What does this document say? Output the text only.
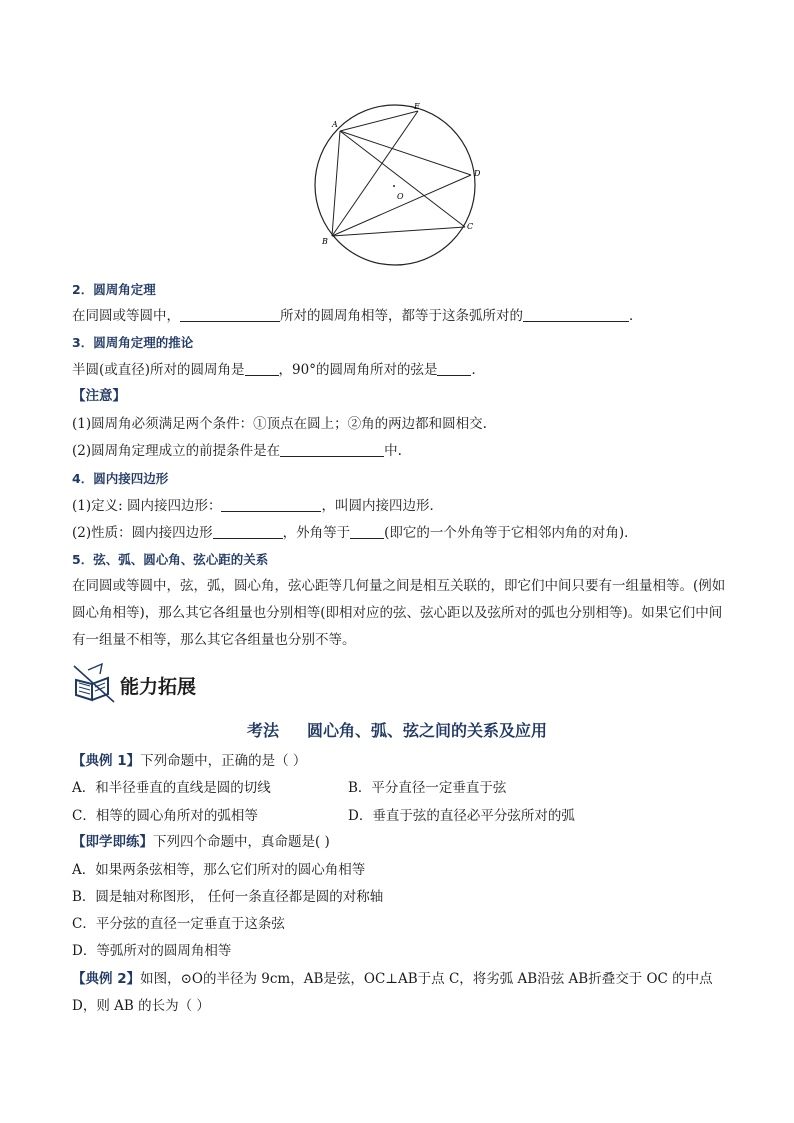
A
E
D
O
C
B
2．圆周角定理
在同圆或等圆中，	所对的圆周角相等，都等于这条弧所对的	．
3．圆周角定理的推论
半圆(或直径)所对的圆周角是	，90°的圆周角所对的弦是	．
【注意】
(1)圆周角必须满足两个条件：①顶点在圆上；②角的两边都和圆相交.
(2)圆周角定理成立的前提条件是在	中.
4．圆内接四边形
(1)定义: 圆内接四边形：	，叫圆内接四边形．
(2)性质：圆内接四边形	，外角等于	(即它的一个外角等于它相邻内角的对角)．
5．弦、弧、圆心角、弦心距的关系
在同圆或等圆中，弦，弧，圆心角，弦心距等几何量之间是相互关联的，即它们中间只要有一组量相等。(例如圆心角相等)，那么其它各组量也分别相等(即相对应的弦、弦心距以及弦所对的弧也分别相等)。如果它们中间有一组量不相等，那么其它各组量也分别不等。
能力拓展
考法 圆心角、弧、弦之间的关系及应用
【典例 1】下列命题中，正确的是（ ）
A．和半径垂直的直线是圆的切线	B．平分直径一定垂直于弦
C．相等的圆心角所对的弧相等	D．垂直于弦的直径必平分弦所对的弧
【即学即练】下列四个命题中，真命题是( )
A．如果两条弦相等，那么它们所对的圆心角相等
B．圆是轴对称图形， 任何一条直径都是圆的对称轴
C．平分弦的直径一定垂直于这条弦
D．等弧所对的圆周角相等
【典例 2】如图，⊙O的半径为 9cm，AB是弦，OC⊥AB于点 C，将劣弧 AB沿弦 AB折叠交于 OC 的中点
D，则 AB 的长为（ ）
